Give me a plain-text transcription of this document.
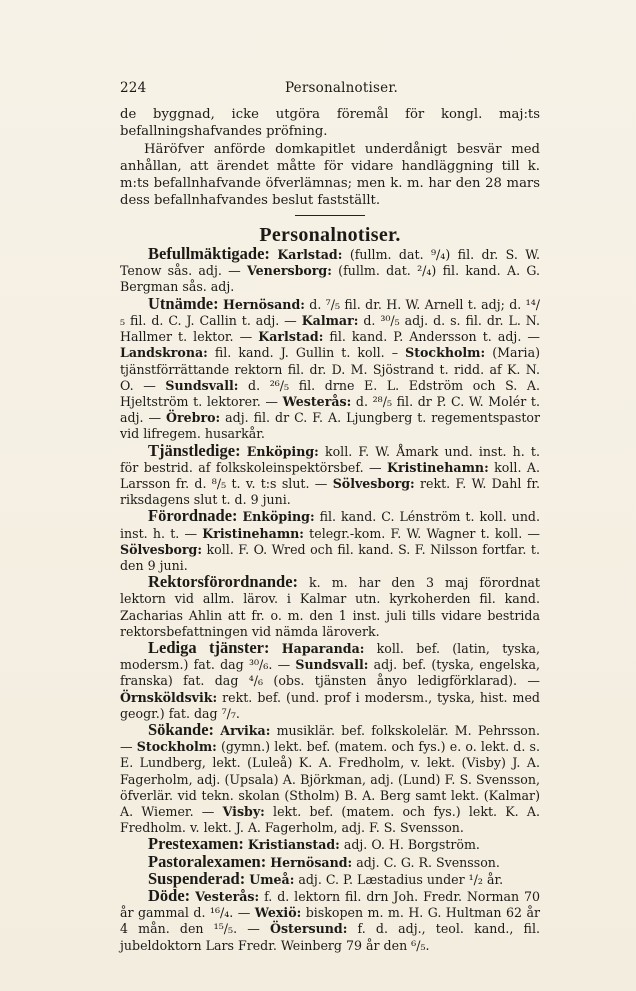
224	Personalnotiser.

de byggnad, icke utgöra föremål för kongl. maj:ts befallningshafvandes pröfning.

Häröfver anförde domkapitlet underdånigt besvär med anhållan, att ärendet måtte för vidare handläggning till k. m:ts befallnhafvande öfverlämnas; men k. m. har den 28 mars dess befallnhafvandes beslut fastställt.

Personalnotiser.

Befullmäktigade: Karlstad: (fullm. dat. ⁹/₄) fil. dr. S. W. Tenow sås. adj. — Venersborg: (fullm. dat. ²/₄) fil. kand. A. G. Bergman sås. adj.

Utnämde: Hernösand: d. ⁷/₅ fil. dr. H. W. Arnell t. adj; d. ¹⁴/₅ fil. d. C. J. Callin t. adj. — Kalmar: d. ³⁰/₅ adj. d. s. fil. dr. L. N. Hallmer t. lektor. — Karlstad: fil. kand. P. Andersson t. adj. — Landskrona: fil. kand. J. Gullin t. koll. – Stockholm: (Maria) tjänstförrättande rektorn fil. dr. D. M. Sjöstrand t. ridd. af K. N. O. — Sundsvall: d. ²⁶/₅ fil. drne E. L. Edström och S. A. Hjeltström t. lektorer. — Westerås: d. ²⁸/₅ fil. dr P. C. W. Molér t. adj. — Örebro: adj. fil. dr C. F. A. Ljungberg t. regementspastor vid lifregem. husarkår.

Tjänstledige: Enköping: koll. F. W. Åmark und. inst. h. t. för bestrid. af folkskoleinspektörsbef. — Kristinehamn: koll. A. Larsson fr. d. ⁸/₅ t. v. t:s slut. — Sölvesborg: rekt. F. W. Dahl fr. riksdagens slut t. d. 9 juni.

Förordnade: Enköping: fil. kand. C. Lénström t. koll. und. inst. h. t. — Kristinehamn: telegr.-kom. F. W. Wagner t. koll. — Sölvesborg: koll. F. O. Wred och fil. kand. S. F. Nilsson fortfar. t. den 9 juni.

Rektorsförordnande: k. m. har den 3 maj förordnat lektorn vid allm. lärov. i Kalmar utn. kyrkoherden fil. kand. Zacharias Ahlin att fr. o. m. den 1 inst. juli tills vidare bestrida rektorsbefattningen vid nämda läroverk.

Lediga tjänster: Haparanda: koll. bef. (latin, tyska, modersm.) fat. dag ³⁰/₆. — Sundsvall: adj. bef. (tyska, engelska, franska) fat. dag ⁴/₆ (obs. tjänsten ånyo ledigförklarad). — Örnsköldsvik: rekt. bef. (und. prof i modersm., tyska, hist. med geogr.) fat. dag ⁷/₇.

Sökande: Arvika: musiklär. bef. folkskolelär. M. Pehrsson. — Stockholm: (gymn.) lekt. bef. (matem. och fys.) e. o. lekt. d. s. E. Lundberg, lekt. (Luleå) K. A. Fredholm, v. lekt. (Visby) J. A. Fagerholm, adj. (Upsala) A. Björkman, adj. (Lund) F. S. Svensson, öfverlär. vid tekn. skolan (Stholm) B. A. Berg samt lekt. (Kalmar) A. Wiemer. — Visby: lekt. bef. (matem. och fys.) lekt. K. A. Fredholm. v. lekt. J. A. Fagerholm, adj. F. S. Svensson.

Prestexamen: Kristianstad: adj. O. H. Borgström.

Pastoralexamen: Hernösand: adj. C. G. R. Svensson.

Suspenderad: Umeå: adj. C. P. Læstadius under ¹/₂ år.

Döde: Vesterås: f. d. lektorn fil. drn Joh. Fredr. Norman 70 år gammal d. ¹⁶/₄. — Wexiö: biskopen m. m. H. G. Hultman 62 år 4 mån. den ¹⁵/₅. — Östersund: f. d. adj., teol. kand., fil. jubeldoktorn Lars Fredr. Weinberg 79 år den ⁶/₅.
